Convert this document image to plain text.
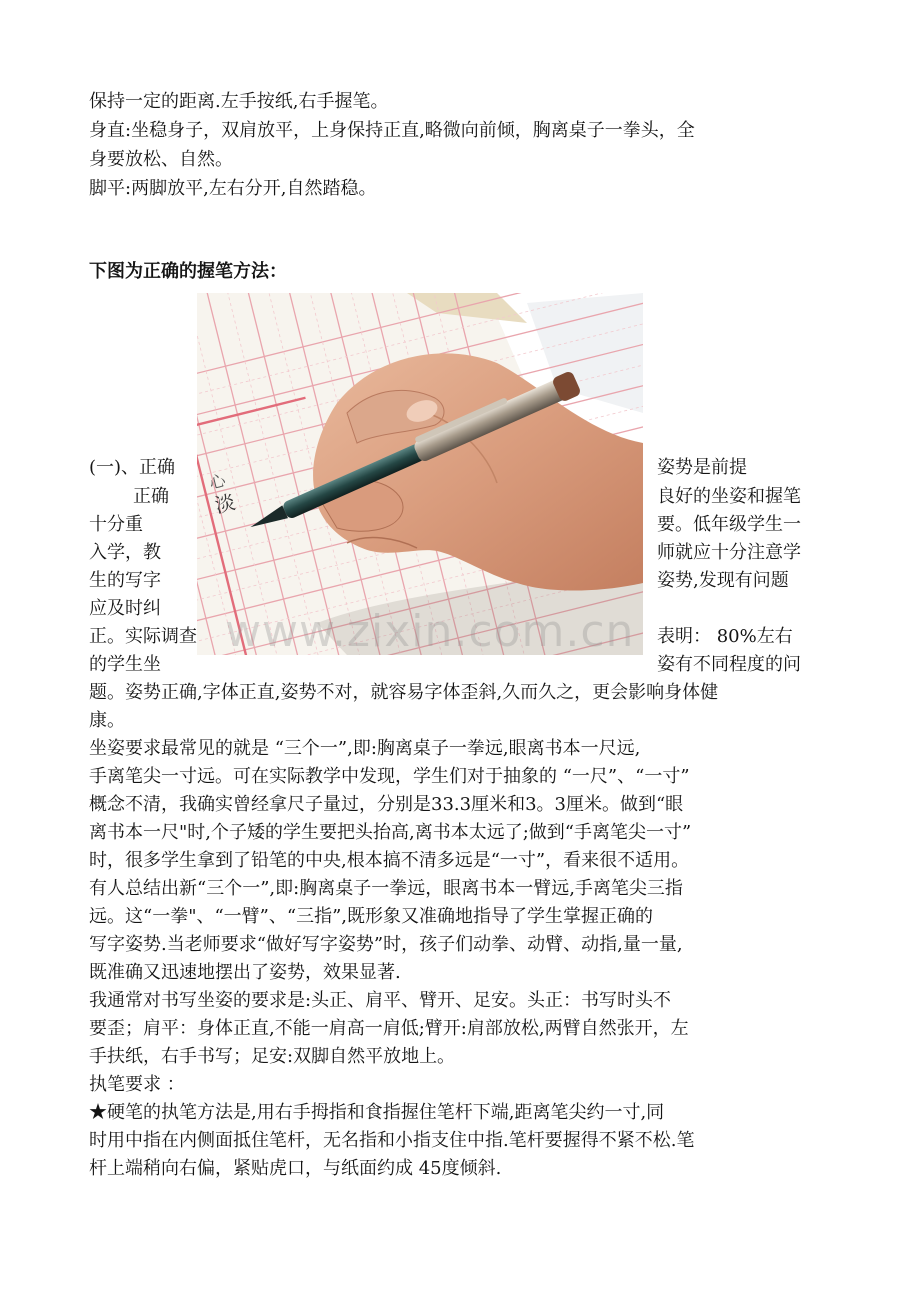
保持一定的距离.左手按纸,右手握笔。

身直:坐稳身子，双肩放平，上身保持正直,略微向前倾，胸离桌子一拳头，全

身要放松、自然。

脚平:两脚放平,左右分开,自然踏稳。

下图为正确的握笔方法：

淡
心
www.zixin.com.cn

(一)、正确

正确

十分重

入学，教

生的写字

应及时纠

正。实际调查

的学生坐

姿势是前提

良好的坐姿和握笔

要。低年级学生一

师就应十分注意学

姿势,发现有问题

表明： 80%左右

姿有不同程度的问

题。姿势正确,字体正直,姿势不对，就容易字体歪斜,久而久之，更会影响身体健

康。

坐姿要求最常见的就是 “三个一”,即:胸离桌子一拳远,眼离书本一尺远,

手离笔尖一寸远。可在实际教学中发现，学生们对于抽象的 “一尺”、“一寸”

概念不清，我确实曾经拿尺子量过，分别是33.3厘米和3。3厘米。做到“眼

离书本一尺"时,个子矮的学生要把头抬高,离书本太远了;做到“手离笔尖一寸”

时，很多学生拿到了铅笔的中央,根本搞不清多远是“一寸”，看来很不适用。

有人总结出新“三个一”,即:胸离桌子一拳远，眼离书本一臂远,手离笔尖三指

远。这“一拳"、“一臂”、“三指”,既形象又准确地指导了学生掌握正确的

写字姿势.当老师要求“做好写字姿势”时，孩子们动拳、动臂、动指,量一量,

既准确又迅速地摆出了姿势，效果显著.

我通常对书写坐姿的要求是:头正、肩平、臂开、足安。头正：书写时头不

要歪；肩平：身体正直,不能一肩高一肩低;臂开:肩部放松,两臂自然张开，左

手扶纸，右手书写；足安:双脚自然平放地上。

执笔要求 ：

★硬笔的执笔方法是,用右手拇指和食指握住笔杆下端,距离笔尖约一寸,同

时用中指在内侧面抵住笔杆，无名指和小指支住中指.笔杆要握得不紧不松.笔

杆上端稍向右偏，紧贴虎口，与纸面约成 45度倾斜.
